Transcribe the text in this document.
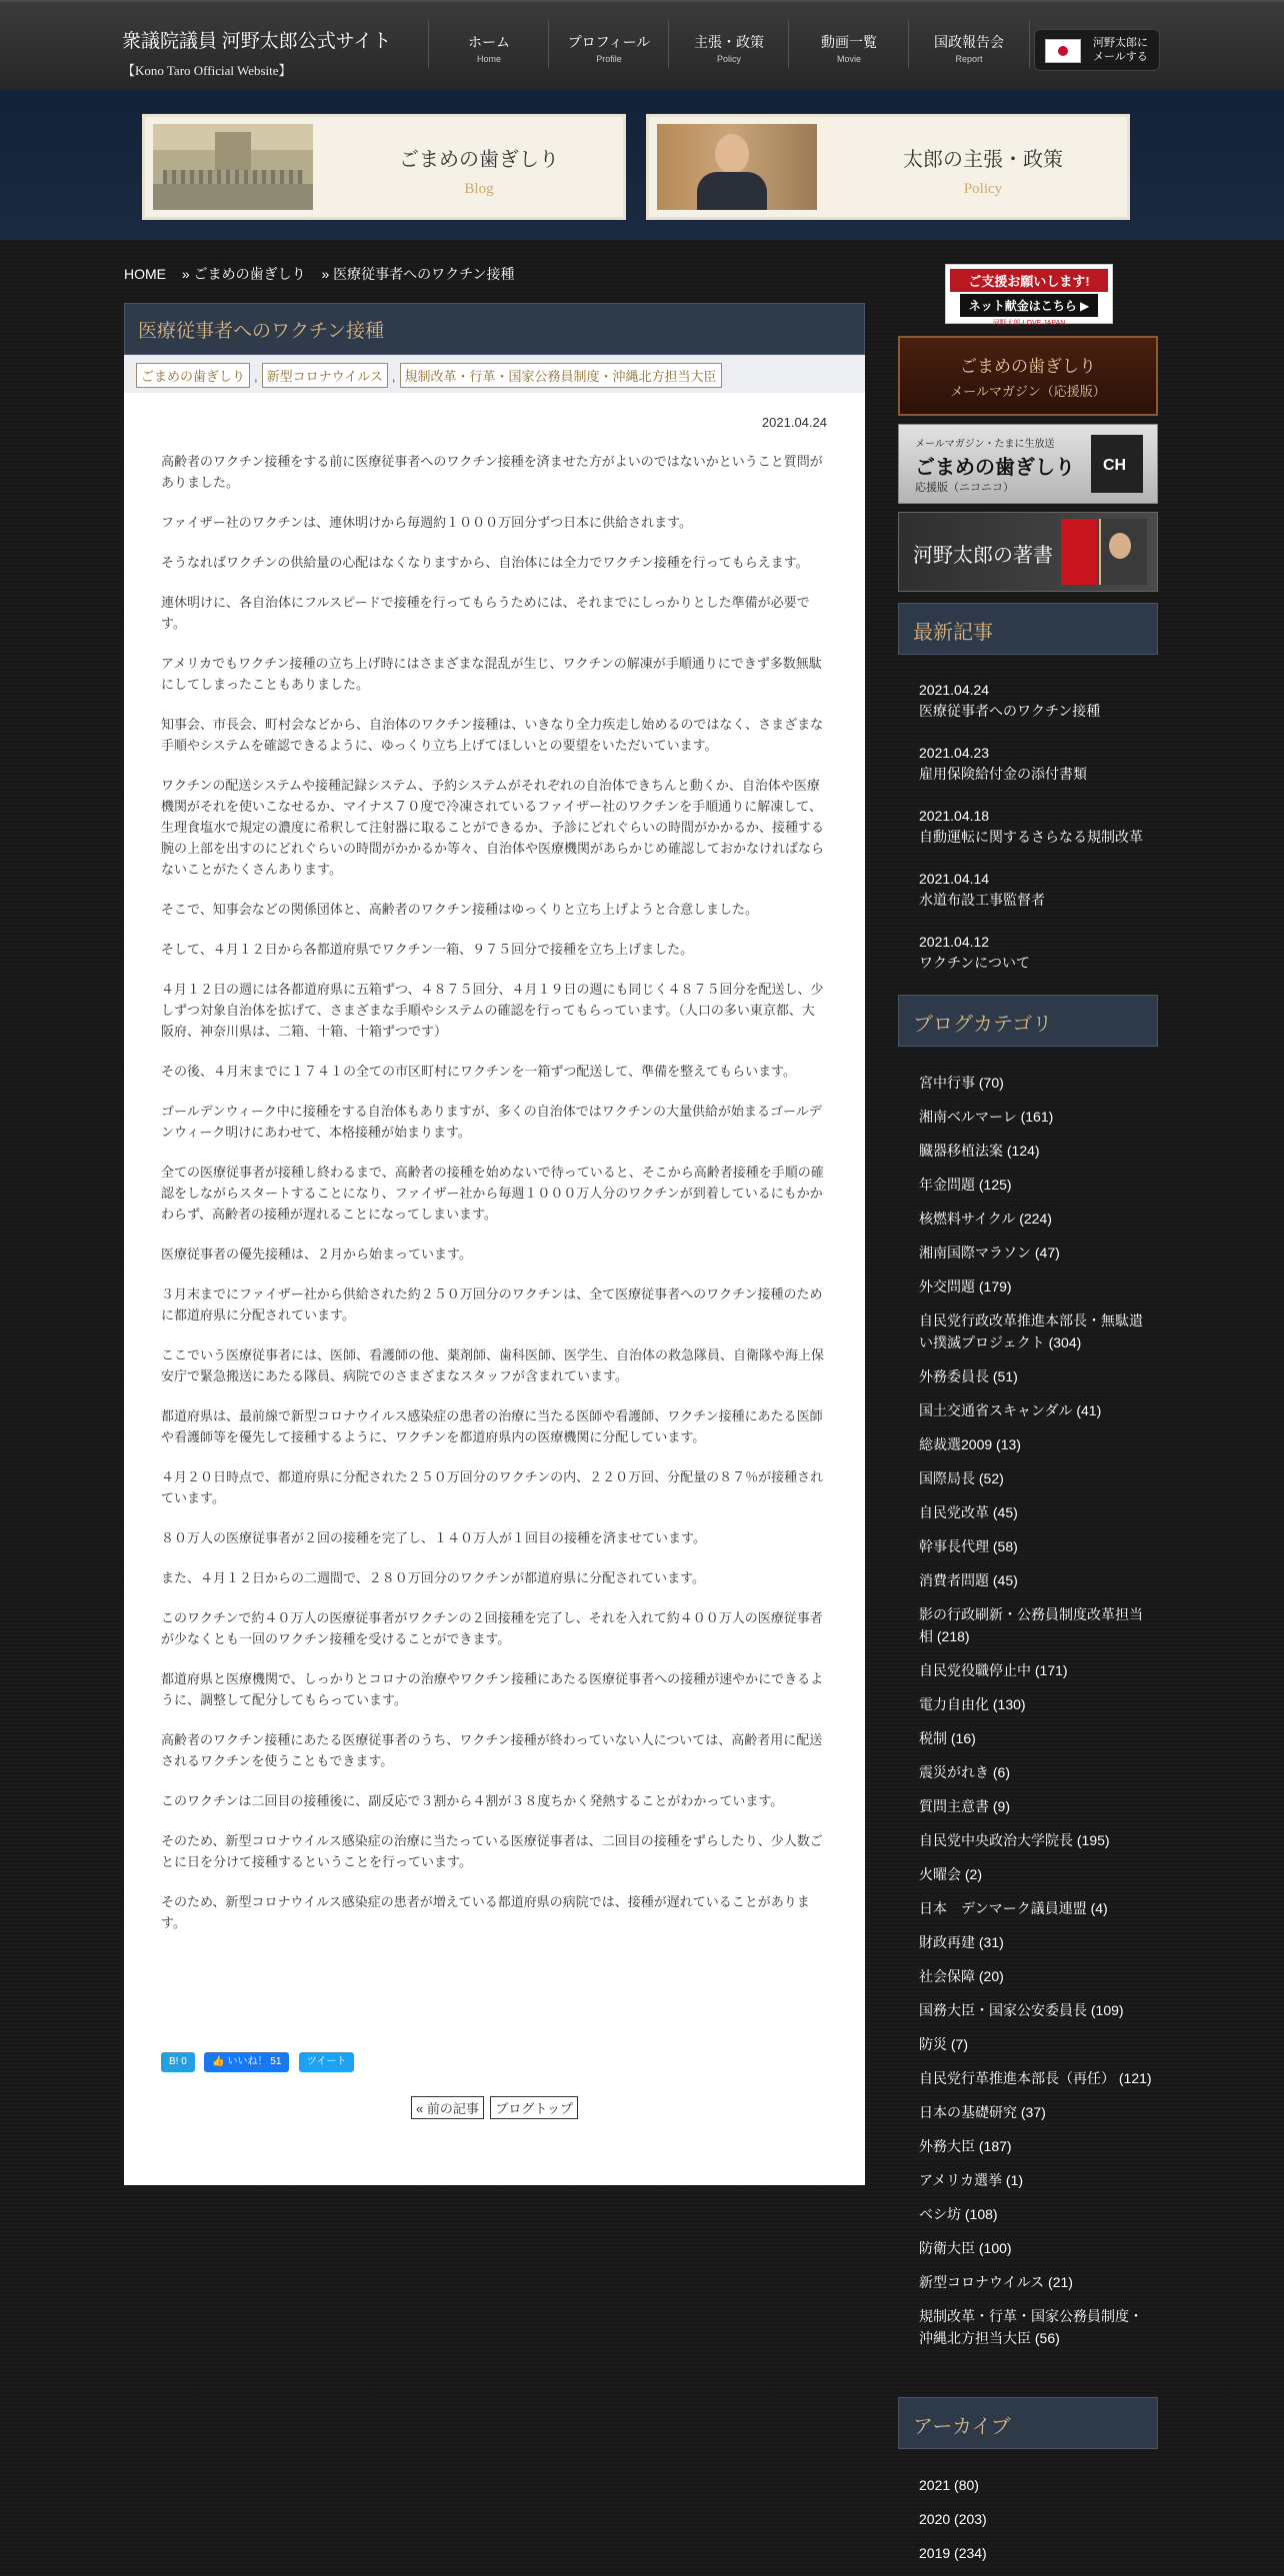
衆議院議員 河野太郎公式サイト
【Kono Taro Official Website】
ホーム
Home
プロフィール
Profile
主張・政策
Policy
動画一覧
Movie
国政報告会
Report
河野太郎に
メールする
ごまめの歯ぎしり
Blog
太郎の主張・政策
Policy
HOME » ごまめの歯ぎしり » 医療従事者へのワクチン接種
医療従事者へのワクチン接種
ごまめの歯ぎしり , 新型コロナウイルス , 規制改革・行革・国家公務員制度・沖縄北方担当大臣
2021.04.24

高齢者のワクチン接種をする前に医療従事者へのワクチン接種を済ませた方がよいのではないかということ質問がありました。

ファイザー社のワクチンは、連休明けから毎週約１０００万回分ずつ日本に供給されます。

そうなればワクチンの供給量の心配はなくなりますから、自治体には全力でワクチン接種を行ってもらえます。

連休明けに、各自治体にフルスピードで接種を行ってもらうためには、それまでにしっかりとした準備が必要です。

アメリカでもワクチン接種の立ち上げ時にはさまざまな混乱が生じ、ワクチンの解凍が手順通りにできず多数無駄にしてしまったこともありました。

知事会、市長会、町村会などから、自治体のワクチン接種は、いきなり全力疾走し始めるのではなく、さまざまな手順やシステムを確認できるように、ゆっくり立ち上げてほしいとの要望をいただいています。

ワクチンの配送システムや接種記録システム、予約システムがそれぞれの自治体できちんと動くか、自治体や医療機関がそれを使いこなせるか、マイナス７０度で冷凍されているファイザー社のワクチンを手順通りに解凍して、生理食塩水で規定の濃度に希釈して注射器に取ることができるか、予診にどれぐらいの時間がかかるか、接種する腕の上部を出すのにどれぐらいの時間がかかるか等々、自治体や医療機関があらかじめ確認しておかなければならないことがたくさんあります。

そこで、知事会などの関係団体と、高齢者のワクチン接種はゆっくりと立ち上げようと合意しました。

そして、４月１２日から各都道府県でワクチン一箱、９７５回分で接種を立ち上げました。

４月１２日の週には各都道府県に五箱ずつ、４８７５回分、４月１９日の週にも同じく４８７５回分を配送し、少しずつ対象自治体を拡げて、さまざまな手順やシステムの確認を行ってもらっています。（人口の多い東京都、大阪府、神奈川県は、二箱、十箱、十箱ずつです）

その後、４月末までに１７４１の全ての市区町村にワクチンを一箱ずつ配送して、準備を整えてもらいます。

ゴールデンウィーク中に接種をする自治体もありますが、多くの自治体ではワクチンの大量供給が始まるゴールデンウィーク明けにあわせて、本格接種が始まります。

全ての医療従事者が接種し終わるまで、高齢者の接種を始めないで待っていると、そこから高齢者接種を手順の確認をしながらスタートすることになり、ファイザー社から毎週１０００万人分のワクチンが到着しているにもかかわらず、高齢者の接種が遅れることになってしまいます。

医療従事者の優先接種は、２月から始まっています。

３月末までにファイザー社から供給された約２５０万回分のワクチンは、全て医療従事者へのワクチン接種のために都道府県に分配されています。

ここでいう医療従事者には、医師、看護師の他、薬剤師、歯科医師、医学生、自治体の救急隊員、自衛隊や海上保安庁で緊急搬送にあたる隊員、病院でのさまざまなスタッフが含まれています。

都道府県は、最前線で新型コロナウイルス感染症の患者の治療に当たる医師や看護師、ワクチン接種にあたる医師や看護師等を優先して接種するように、ワクチンを都道府県内の医療機関に分配しています。

４月２０日時点で、都道府県に分配された２５０万回分のワクチンの内、２２０万回、分配量の８７％が接種されています。

８０万人の医療従事者が２回の接種を完了し、１４０万人が１回目の接種を済ませています。

また、４月１２日からの二週間で、２８０万回分のワクチンが都道府県に分配されています。

このワクチンで約４０万人の医療従事者がワクチンの２回接種を完了し、それを入れて約４００万人の医療従事者が少なくとも一回のワクチン接種を受けることができます。

都道府県と医療機関で、しっかりとコロナの治療やワクチン接種にあたる医療従事者への接種が速やかにできるように、調整して配分してもらっています。

高齢者のワクチン接種にあたる医療従事者のうち、ワクチン接種が終わっていない人については、高齢者用に配送されるワクチンを使うこともできます。

このワクチンは二回目の接種後に、副反応で３割から４割が３８度ちかく発熱することがわかっています。

そのため、新型コロナウイルス感染症の治療に当たっている医療従事者は、二回目の接種をずらしたり、少人数ごとに日を分けて接種するということを行っています。

そのため、新型コロナウイルス感染症の患者が増えている都道府県の病院では、接種が遅れていることがあります。

B! 0	👍 いいね！ 51	ツイート
« 前の記事 ブログトップ
ご支援お願いします!
ネット献金はこちら ▶
河野太郎 LOVE JAPAN
ごまめの歯ぎしり
メールマガジン（応援版）
メールマガジン・たまに生放送
ごまめの歯ぎしり
応援版（ニコニコ）
CH
河野太郎の著書
最新記事
2021.04.24
医療従事者へのワクチン接種
2021.04.23
雇用保険給付金の添付書類
2021.04.18
自動運転に関するさらなる規制改革
2021.04.14
水道布設工事監督者
2021.04.12
ワクチンについて
ブログカテゴリ
宮中行事 (70)
湘南ベルマーレ (161)
臓器移植法案 (124)
年金問題 (125)
核燃料サイクル (224)
湘南国際マラソン (47)
外交問題 (179)
自民党行政改革推進本部長・無駄遣い撲滅プロジェクト (304)
外務委員長 (51)
国土交通省スキャンダル (41)
総裁選2009 (13)
国際局長 (52)
自民党改革 (45)
幹事長代理 (58)
消費者問題 (45)
影の行政刷新・公務員制度改革担当相 (218)
自民党役職停止中 (171)
電力自由化 (130)
税制 (16)
震災がれき (6)
質問主意書 (9)
自民党中央政治大学院長 (195)
火曜会 (2)
日本　デンマーク議員連盟 (4)
財政再建 (31)
社会保障 (20)
国務大臣・国家公安委員長 (109)
防災 (7)
自民党行革推進本部長（再任） (121)
日本の基礎研究 (37)
外務大臣 (187)
アメリカ選挙 (1)
ベシ坊 (108)
防衛大臣 (100)
新型コロナウイルス (21)
規制改革・行革・国家公務員制度・沖縄北方担当大臣 (56)
アーカイブ
2021 (80)
2020 (203)
2019 (234)
